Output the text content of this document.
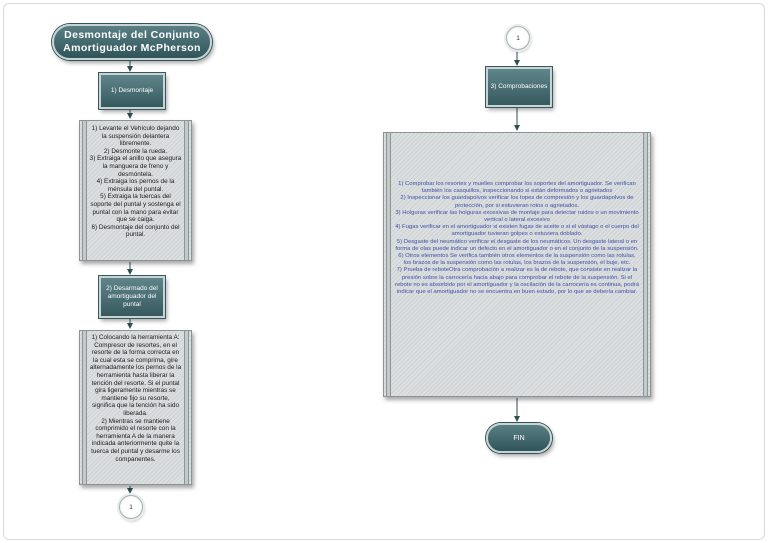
Desmontaje del Conjunto Amortiguador McPherson
1) Desmontaje

1) Levante el Vehículo dejando la suspensión delantera libremente.

2) Desmonte la rueda.

3) Extraiga el anillo que asegura la manguera de freno y desmóntela.

4) Extraiga los pernos de la ménsula del puntal.

5) Extraiga la tuercas del soporte del puntal y sostenga el puntal con la mano para evitar que se caiga.

6) Desmontaje del conjunto del puntal.

2) Desarmado del amortiguador del puntal

1) Colocando la herramienta A: Compresor de resortes, en el resorte de la forma correcta en la cual esta se comprima, gire alternadamente los pernos de la herramienta hasta liberar la tención del resorte. Si el puntal gira ligeramente mientras se mantiene fijo su resorte, significa que la tención ha sido liberada.

2) Mientras se mantiene comprimido el resorte con la herramienta A de la manera indicada anteriormente quite la tuerca del puntal y desarme los companentes.

1
1
3) Comprobaciones

1) Comprobar los resortes y muelles comprobar los soportes del amortiguador. Se verifican también los casquillos, inspeccionando si están deformados o agrietados

2) Inspeccionar los guardapolvos verificar los topes de compresión y los guardapolvos de protección, por si estuvieran rotos o agrietados.

3) Holguras verificar las holguras excesivas de montaje para detectar ruidos o un movimiento vertical o lateral excesivo

4) Fugas verificar en el amortiguador si existen fugas de aceite o si el vástago o el cuerpo del amortiguador tuvieran golpes o estuviera doblado.

5) Desgaste del neumático verificar el desgaste de los neumáticos. Un desgaste lateral o en forma de olas puede indicar un defecto en el amortiguador o en el conjunto de la suspensión.

6) Otros elementos Se verifica también otros elementos de la suspensión como las rotulas, los brazos de la suspensión como las rotulas, los brazos de la suspensión, el buje, etc.

7) Prueba de reboteOtra comprobación a realizar es la de rebote, que consiste en realizar la presión sobre la carrocería hacia abajo para comprobar el rebote de la suspensión. Si el rebote no es absorbido por el amortiguador y la oscilación de la carrocería es continua, podrá indicar que el amortiguador no se encuentra en buen estado, por lo que se debería cambiar.

FIN
